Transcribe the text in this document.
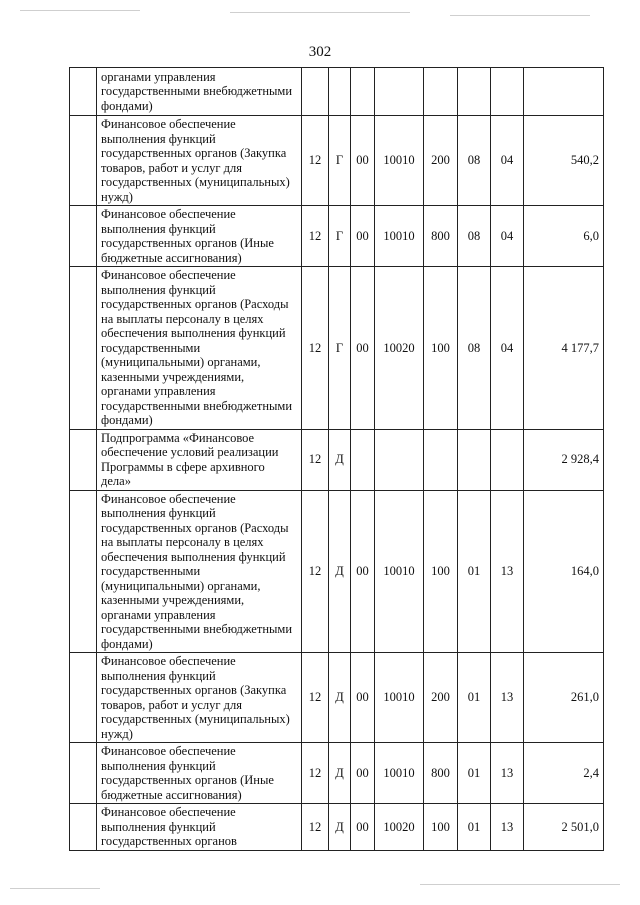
302
	органами управления государственными внебюджетными фондами)								
	Финансовое обеспечение выполнения функций государственных органов (Закупка товаров, работ и услуг для государственных (муниципальных) нужд)	12	Г	00	10010	200	08	04	540,2
	Финансовое обеспечение выполнения функций государственных органов (Иные бюджетные ассигнования)	12	Г	00	10010	800	08	04	6,0
	Финансовое обеспечение выполнения функций государственных органов (Расходы на выплаты персоналу в целях обеспечения выполнения функций государственными (муниципальными) органами, казенными учреждениями, органами управления государственными внебюджетными фондами)	12	Г	00	10020	100	08	04	4 177,7
	Подпрограмма «Финансовое обеспечение условий реализации Программы в сфере архивного дела»	12	Д						2 928,4
	Финансовое обеспечение выполнения функций государственных органов (Расходы на выплаты персоналу в целях обеспечения выполнения функций государственными (муниципальными) органами, казенными учреждениями, органами управления государственными внебюджетными фондами)	12	Д	00	10010	100	01	13	164,0
	Финансовое обеспечение выполнения функций государственных органов (Закупка товаров, работ и услуг для государственных (муниципальных) нужд)	12	Д	00	10010	200	01	13	261,0
	Финансовое обеспечение выполнения функций государственных органов (Иные бюджетные ассигнования)	12	Д	00	10010	800	01	13	2,4
	Финансовое обеспечение выполнения функций государственных органов	12	Д	00	10020	100	01	13	2 501,0
